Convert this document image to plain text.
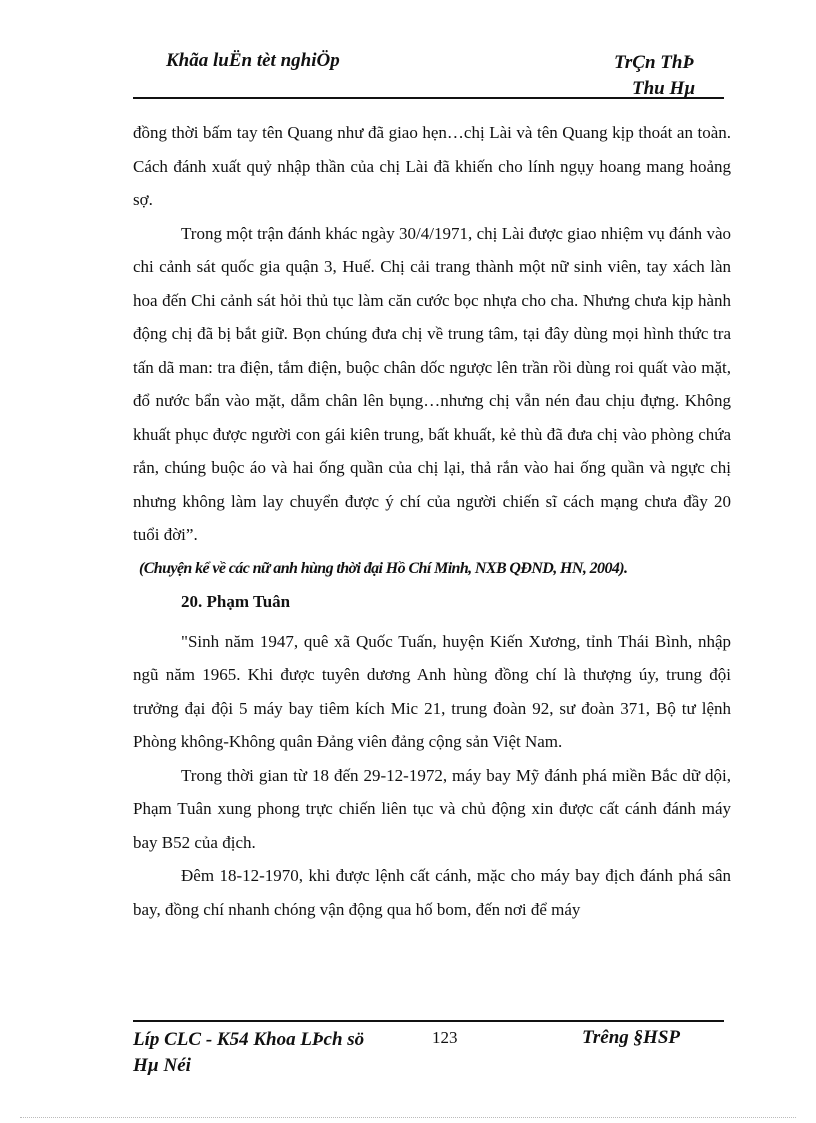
Khãa luËn tèt nghiÖp	TrÇn ThÞ
Thu Hµ

đồng thời bấm tay tên Quang như đã giao hẹn…chị Lài và tên Quang kịp thoát an toàn. Cách đánh xuất quỷ nhập thần của chị Lài đã khiến cho lính ngụy hoang mang hoảng sợ.

Trong một trận đánh khác ngày 30/4/1971, chị Lài được giao nhiệm vụ đánh vào chi cảnh sát quốc gia quận 3, Huế. Chị cải trang thành một nữ sinh viên, tay xách làn hoa đến Chi cảnh sát hỏi thủ tục làm căn cước bọc nhựa cho cha. Nhưng chưa kịp hành động chị đã bị bắt giữ. Bọn chúng đưa chị về trung tâm, tại đây dùng mọi hình thức tra tấn dã man: tra điện, tắm điện, buộc chân dốc ngược lên trần rồi dùng roi quất vào mặt, đổ nước bẩn vào mặt, dẫm chân lên bụng…nhưng chị vẫn nén đau chịu đựng. Không khuất phục được người con gái kiên trung, bất khuất, kẻ thù đã đưa chị vào phòng chứa rắn, chúng buộc áo và hai ống quần của chị lại, thả rắn vào hai ống quần và ngực chị nhưng không làm lay chuyển được ý chí của người chiến sĩ cách mạng chưa đầy 20 tuổi đời”.

(Chuyện kể về các nữ anh hùng thời đại Hồ Chí Minh, NXB QĐND, HN, 2004).

20. Phạm Tuân

"Sinh năm 1947, quê xã Quốc Tuấn, huyện Kiến Xương, tỉnh Thái Bình, nhập ngũ năm 1965. Khi được tuyên dương Anh hùng đồng chí là thượng úy, trung đội trưởng đại đội 5 máy bay tiêm kích Mic 21, trung đoàn 92, sư đoàn 371, Bộ tư lệnh Phòng không-Không quân Đảng viên đảng cộng sản Việt Nam.

Trong thời gian từ 18 đến 29-12-1972, máy bay Mỹ đánh phá miền Bắc dữ dội, Phạm Tuân xung phong trực chiến liên tục và chủ động xin được cất cánh đánh máy bay B52 của địch.

Đêm 18-12-1970, khi được lệnh cất cánh, mặc cho máy bay địch đánh phá sân bay, đồng chí nhanh chóng vận động qua hố bom, đến nơi để máy

Líp CLC - K54 Khoa LÞch sö
Hµ Néi
123	Trêng §HSP
